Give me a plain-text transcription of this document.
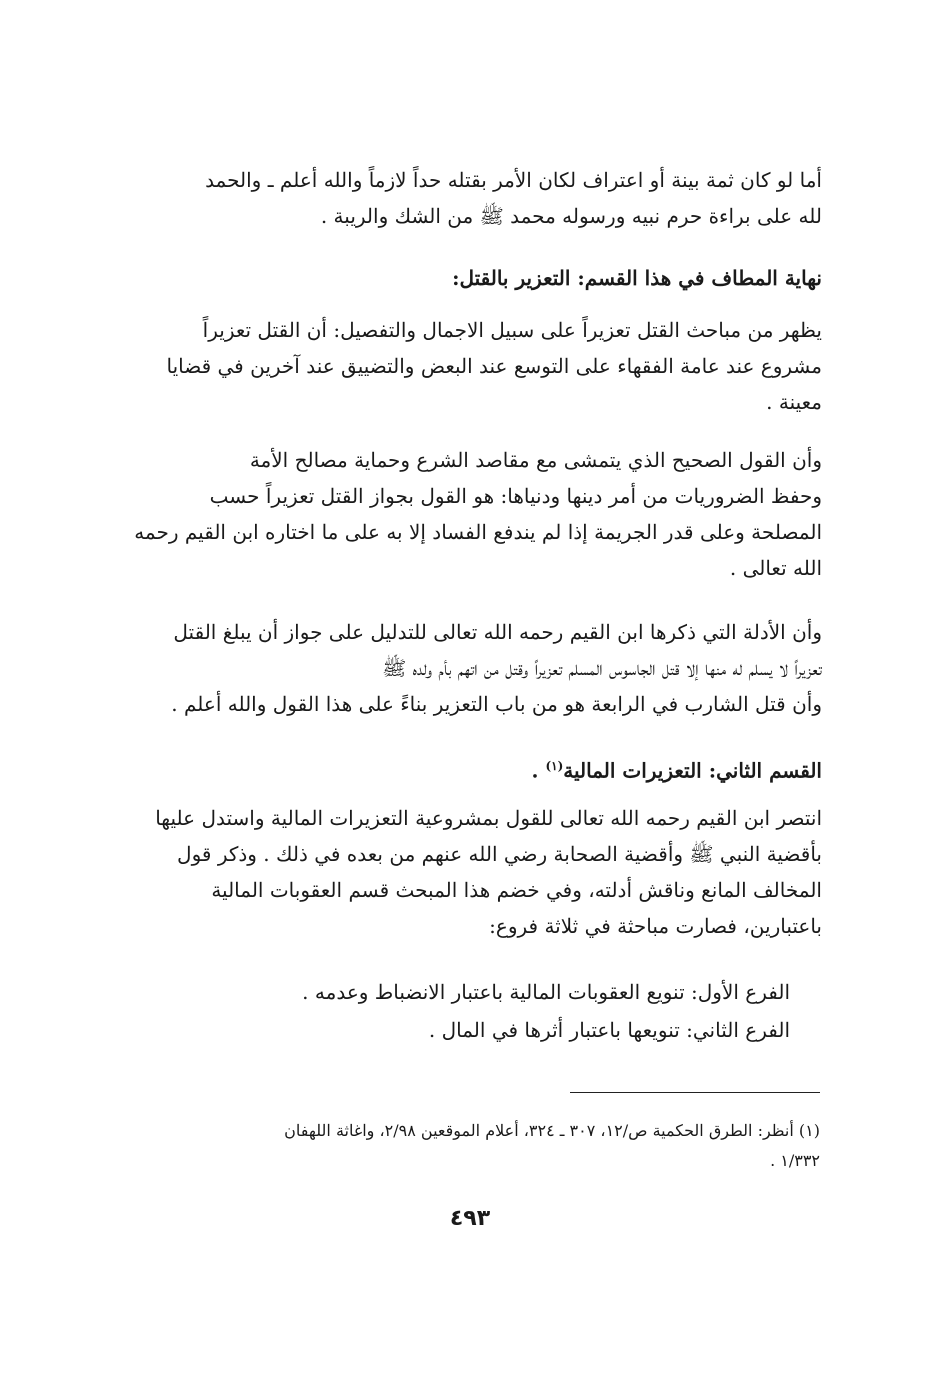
أما لو كان ثمة بينة أو اعتراف لكان الأمر بقتله حداً لازماً والله أعلم ـ والحمد
لله على براءة حرم نبيه ورسوله محمد ﷺ من الشك والريبة .
نهاية المطاف في هذا القسم: التعزير بالقتل:
يظهر من مباحث القتل تعزيراً على سبيل الاجمال والتفصيل: أن القتل تعزيراً
مشروع عند عامة الفقهاء على التوسع عند البعض والتضييق عند آخرين في قضايا
معينة .
وأن القول الصحيح الذي يتمشى مع مقاصد الشرع وحماية مصالح الأمة
وحفظ الضروريات من أمر دينها ودنياها: هو القول بجواز القتل تعزيراً حسب
المصلحة وعلى قدر الجريمة إذا لم يندفع الفساد إلا به على ما اختاره ابن القيم رحمه
الله تعالى .
وأن الأدلة التي ذكرها ابن القيم رحمه الله تعالى للتدليل على جواز أن يبلغ القتل
تعزيراً لا يسلم له منها إلا قتل الجاسوس المسلم تعزيراً وقتل من اتهم بأم ولده ﷺ
وأن قتل الشارب في الرابعة هو من باب التعزير بناءً على هذا القول والله أعلم .
القسم الثاني: التعزيرات المالية$^{(١)}$ .
انتصر ابن القيم رحمه الله تعالى للقول بمشروعية التعزيرات المالية واستدل عليها
بأقضية النبي ﷺ وأقضية الصحابة رضي الله عنهم من بعده في ذلك . وذكر قول
المخالف المانع وناقش أدلته، وفي خضم هذا المبحث قسم العقوبات المالية
باعتبارين، فصارت مباحثة في ثلاثة فروع:
الفرع الأول: تنويع العقوبات المالية باعتبار الانضباط وعدمه .
الفرع الثاني: تنويعها باعتبار أثرها في المال .
(١) أنظر: الطرق الحكمية ص/١٢، ٣٠٧ ـ ٣٢٤، أعلام الموقعين ٢/٩٨، واغاثة اللهفان
١/٣٣٢ .
٤٩٣
